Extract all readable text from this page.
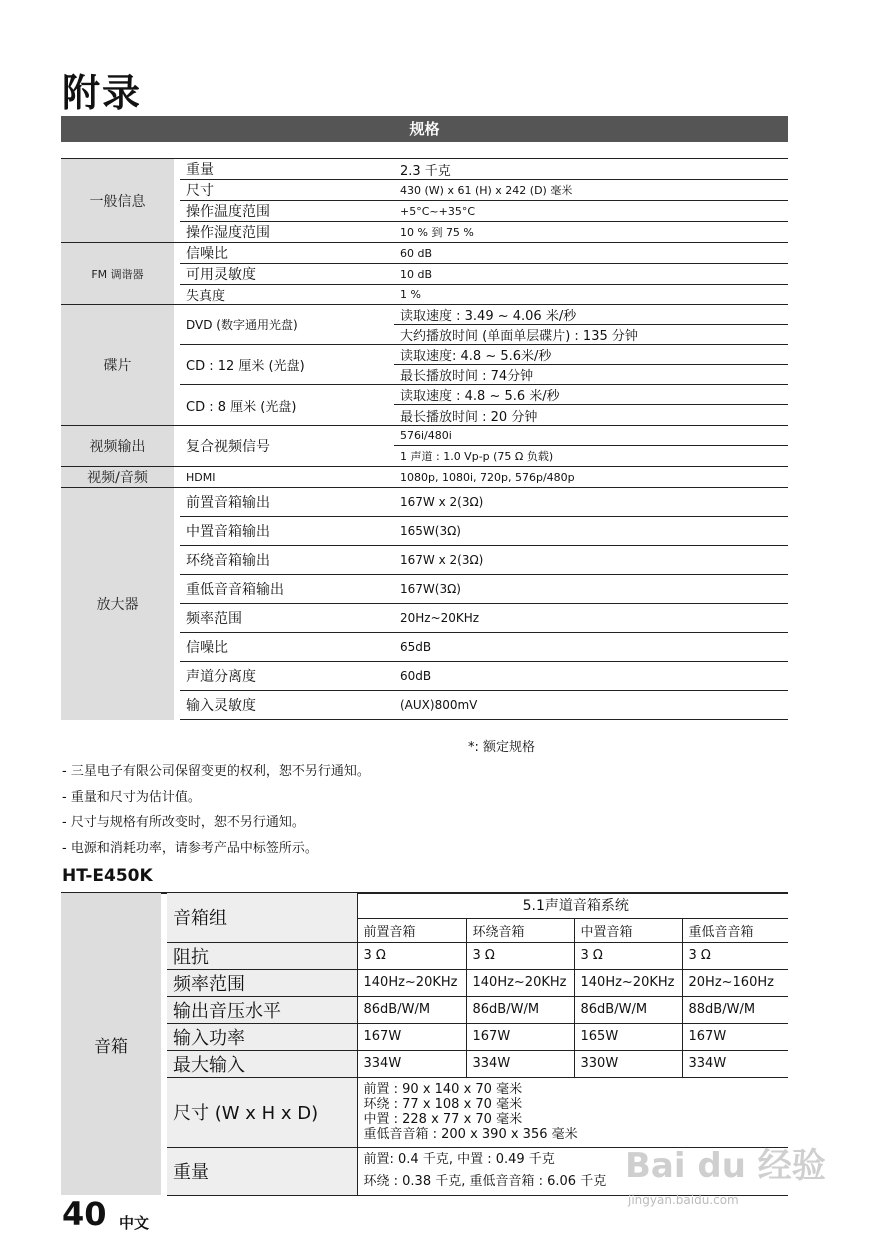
附录
规格
一般信息		重量	2.3 千克
		尺寸	430 (W) x 61 (H) x 242 (D) 毫米
		操作温度范围	+5°C~+35°C
		操作湿度范围	10 % 到 75 %
FM 调谐器		信噪比	60 dB
		可用灵敏度	10 dB
		失真度	1 %
碟片		DVD (数字通用光盘)	读取速度 : 3.49 ~ 4.06 米/秒
			大约播放时间 (单面单层碟片) : 135 分钟
		CD : 12 厘米 (光盘)	读取速度: 4.8 ~ 5.6米/秒
			最长播放时间 : 74分钟
		CD : 8 厘米 (光盘)	读取速度 : 4.8 ~ 5.6 米/秒
			最长播放时间 : 20 分钟
视频输出		复合视频信号	576i/480i
			1 声道 : 1.0 Vp-p (75 Ω 负载)
视频/音频		HDMI	1080p, 1080i, 720p, 576p/480p
放大器		前置音箱输出	167W x 2(3Ω)
		中置音箱输出	165W(3Ω)
		环绕音箱输出	167W x 2(3Ω)
		重低音音箱输出	167W(3Ω)
		频率范围	20Hz~20KHz
		信噪比	65dB
		声道分离度	60dB
		输入灵敏度	(AUX)800mV
*: 额定规格
- 三星电子有限公司保留变更的权利，恕不另行通知。
- 重量和尺寸为估计值。
- 尺寸与规格有所改变时，恕不另行通知。
- 电源和消耗功率，请参考产品中标签所示。
HT-E450K
音箱		音箱组	5.1声道音箱系统			
			前置音箱	环绕音箱	中置音箱	重低音音箱
		阻抗	3 Ω	3 Ω	3 Ω	3 Ω
		频率范围	140Hz~20KHz	140Hz~20KHz	140Hz~20KHz	20Hz~160Hz
		输出音压水平	86dB/W/M	86dB/W/M	86dB/W/M	88dB/W/M
		输入功率	167W	167W	165W	167W
		最大输入	334W	334W	330W	334W
		尺寸 (W x H x D)	前置 : 90 x 140 x 70 毫米
环绕 : 77 x 108 x 70 毫米
中置 : 228 x 77 x 70 毫米
重低音音箱 : 200 x 390 x 356 毫米			

		重量	前置: 0.4 千克, 中置 : 0.49 千克
环绕 : 0.38 千克, 重低音音箱 : 6.06 千克			
40 中文
Bai du 经验
jingyan.baidu.com
